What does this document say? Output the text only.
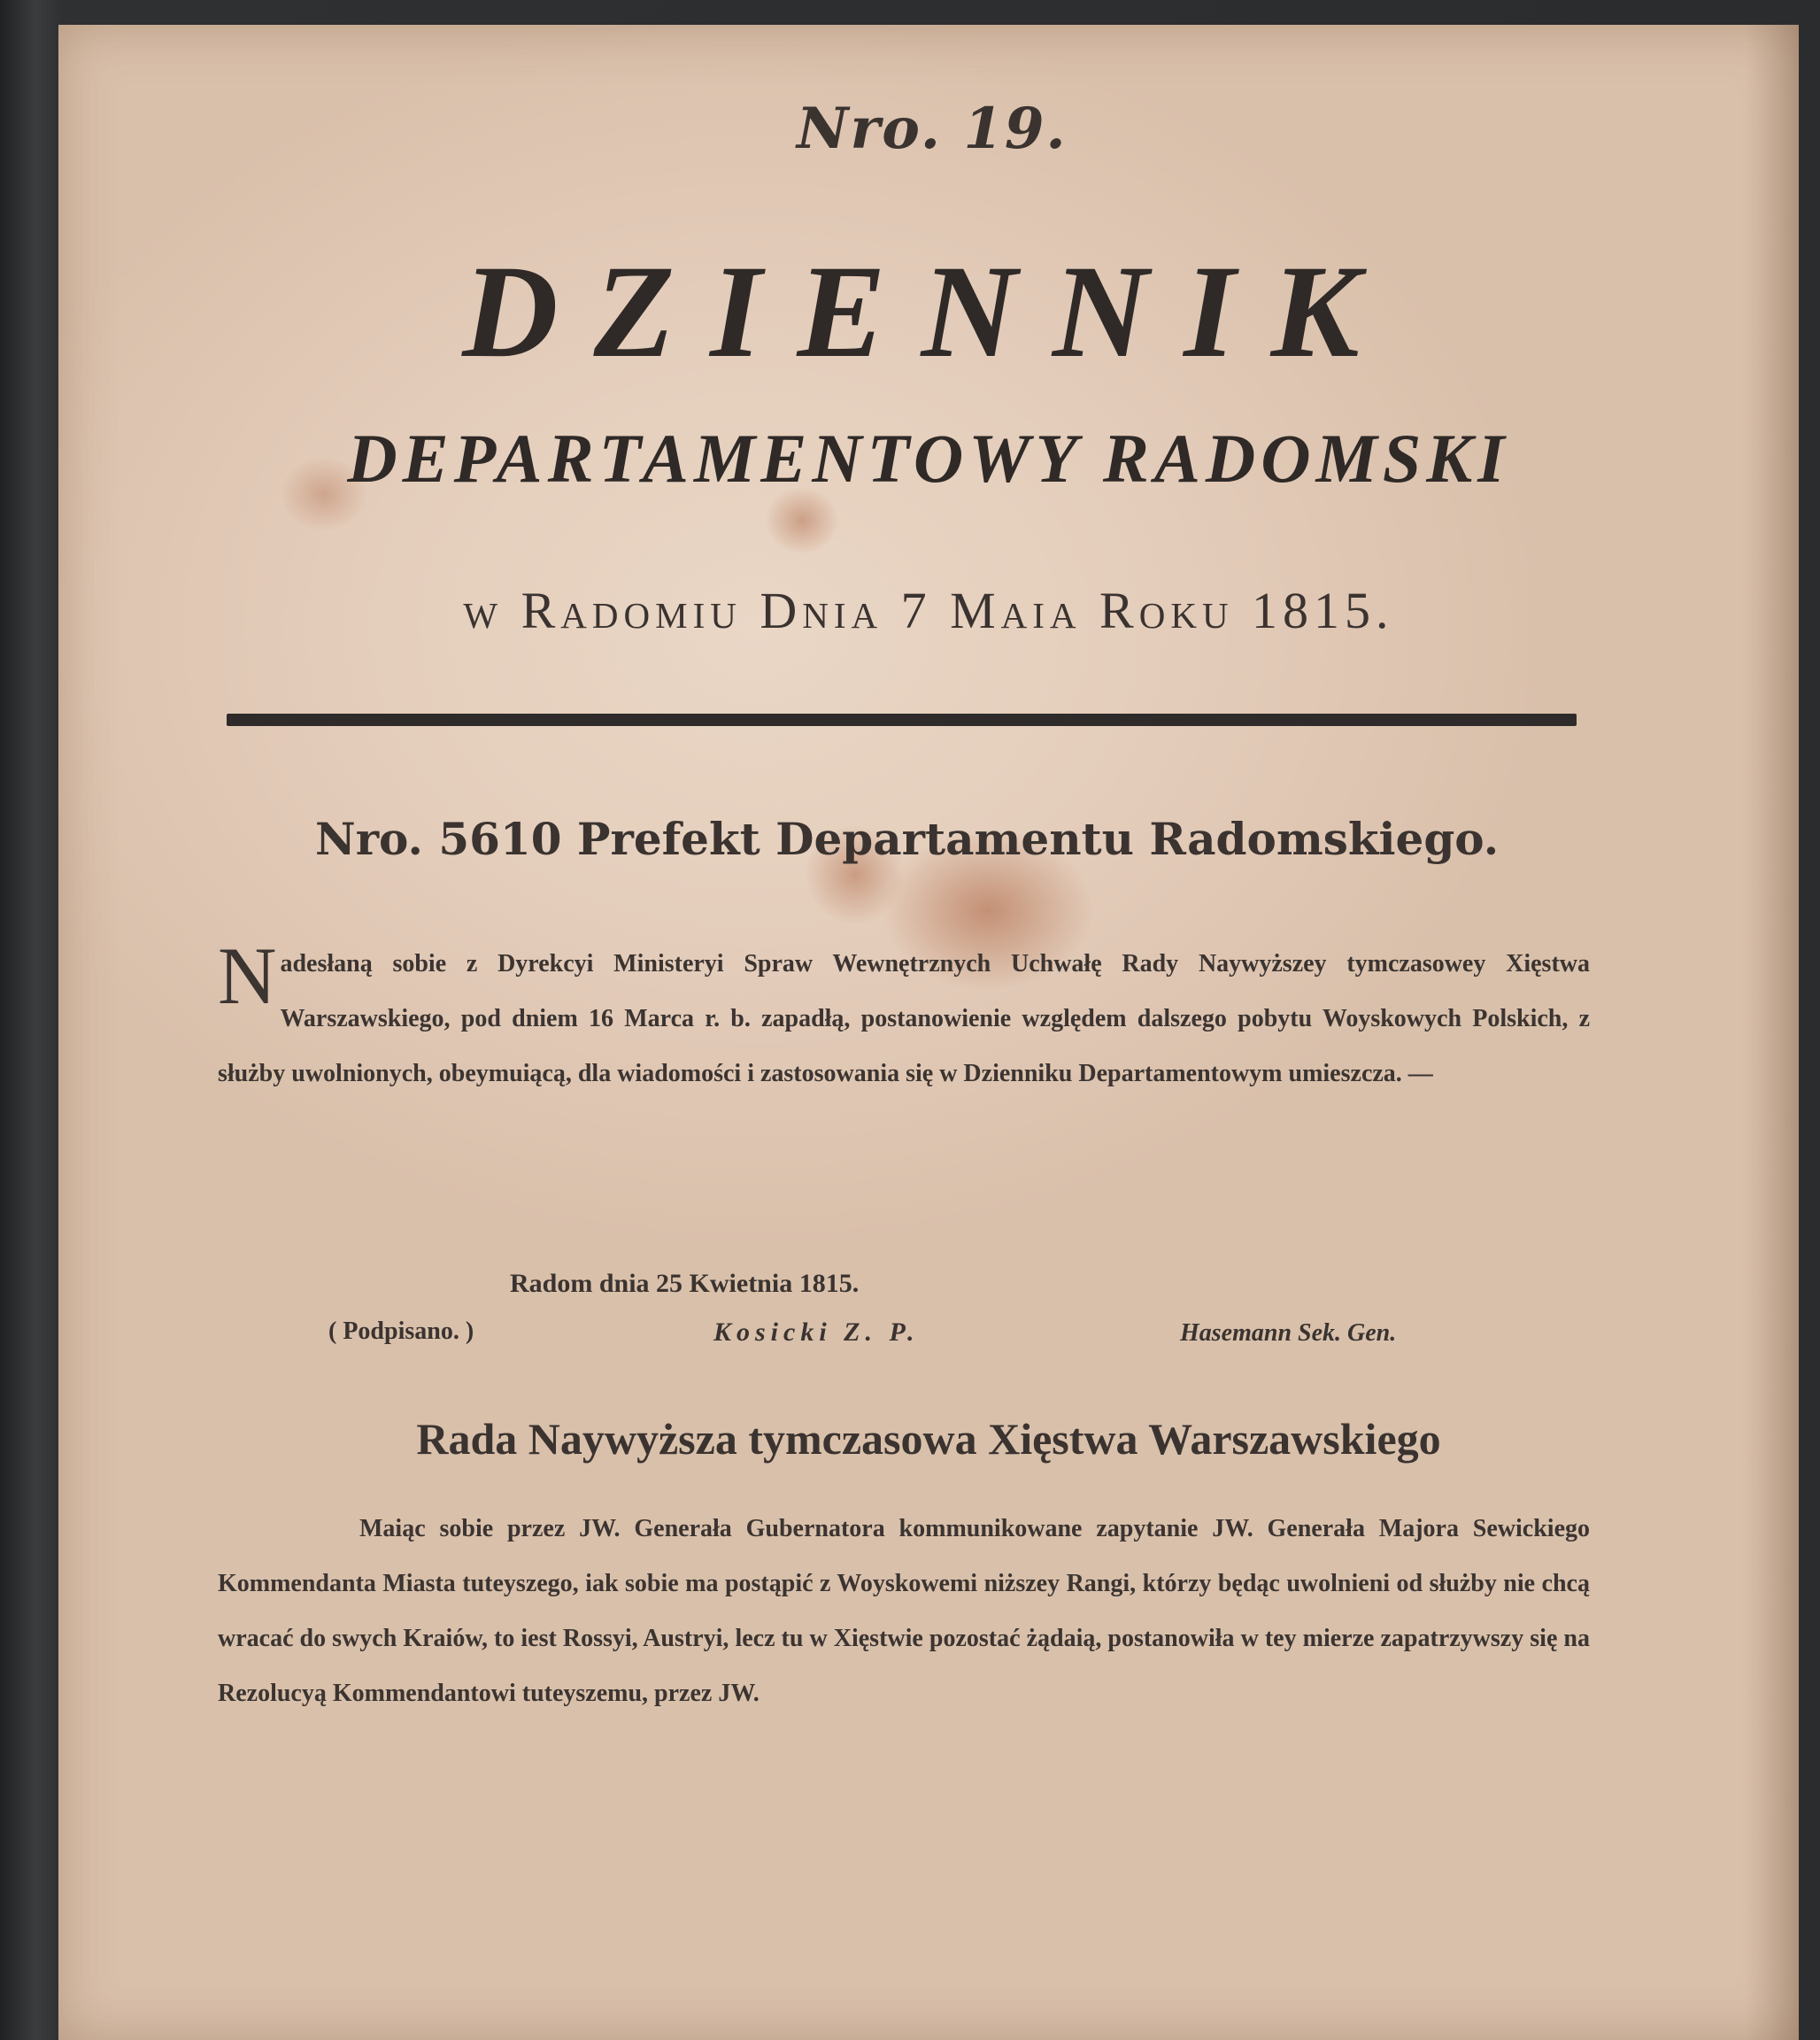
Nro. 19.
DZIENNIK
DEPARTAMENTOWY RADOMSKI
w Radomiu Dnia 7 Maia Roku 1815.
Nro. 5610 Prefekt Departamentu Radomskiego.
Nadesłaną sobie z Dyrekcyi Ministeryi Spraw Wewnętrznych Uchwałę Rady Naywyższey tymczasowey Xięstwa Warszawskiego, pod dniem 16 Marca r. b. zapadłą, postanowienie względem dalszego pobytu Woyskowych Polskich, z służby uwolnionych, obeymuiącą, dla wiadomości i zastosowania się w Dzienniku Departamentowym umieszcza. —
Radom dnia 25 Kwietnia 1815.
( Podpisano. )	Kosicki Z. P.	Hasemann Sek. Gen.
Rada Naywyższa tymczasowa Xięstwa Warszawskiego
Maiąc sobie przez JW. Generała Gubernatora kommunikowane zapytanie JW. Generała Majora Sewickiego Kommendanta Miasta tuteyszego, iak sobie ma postąpić z Woyskowemi niższey Rangi, którzy będąc uwolnieni od służby nie chcą wracać do swych Kraiów, to iest Rossyi, Austryi, lecz tu w Xięstwie pozostać żądaią, postanowiła w tey mierze zapatrzywszy się na Rezolucyą Kommendantowi tuteyszemu, przez JW.
